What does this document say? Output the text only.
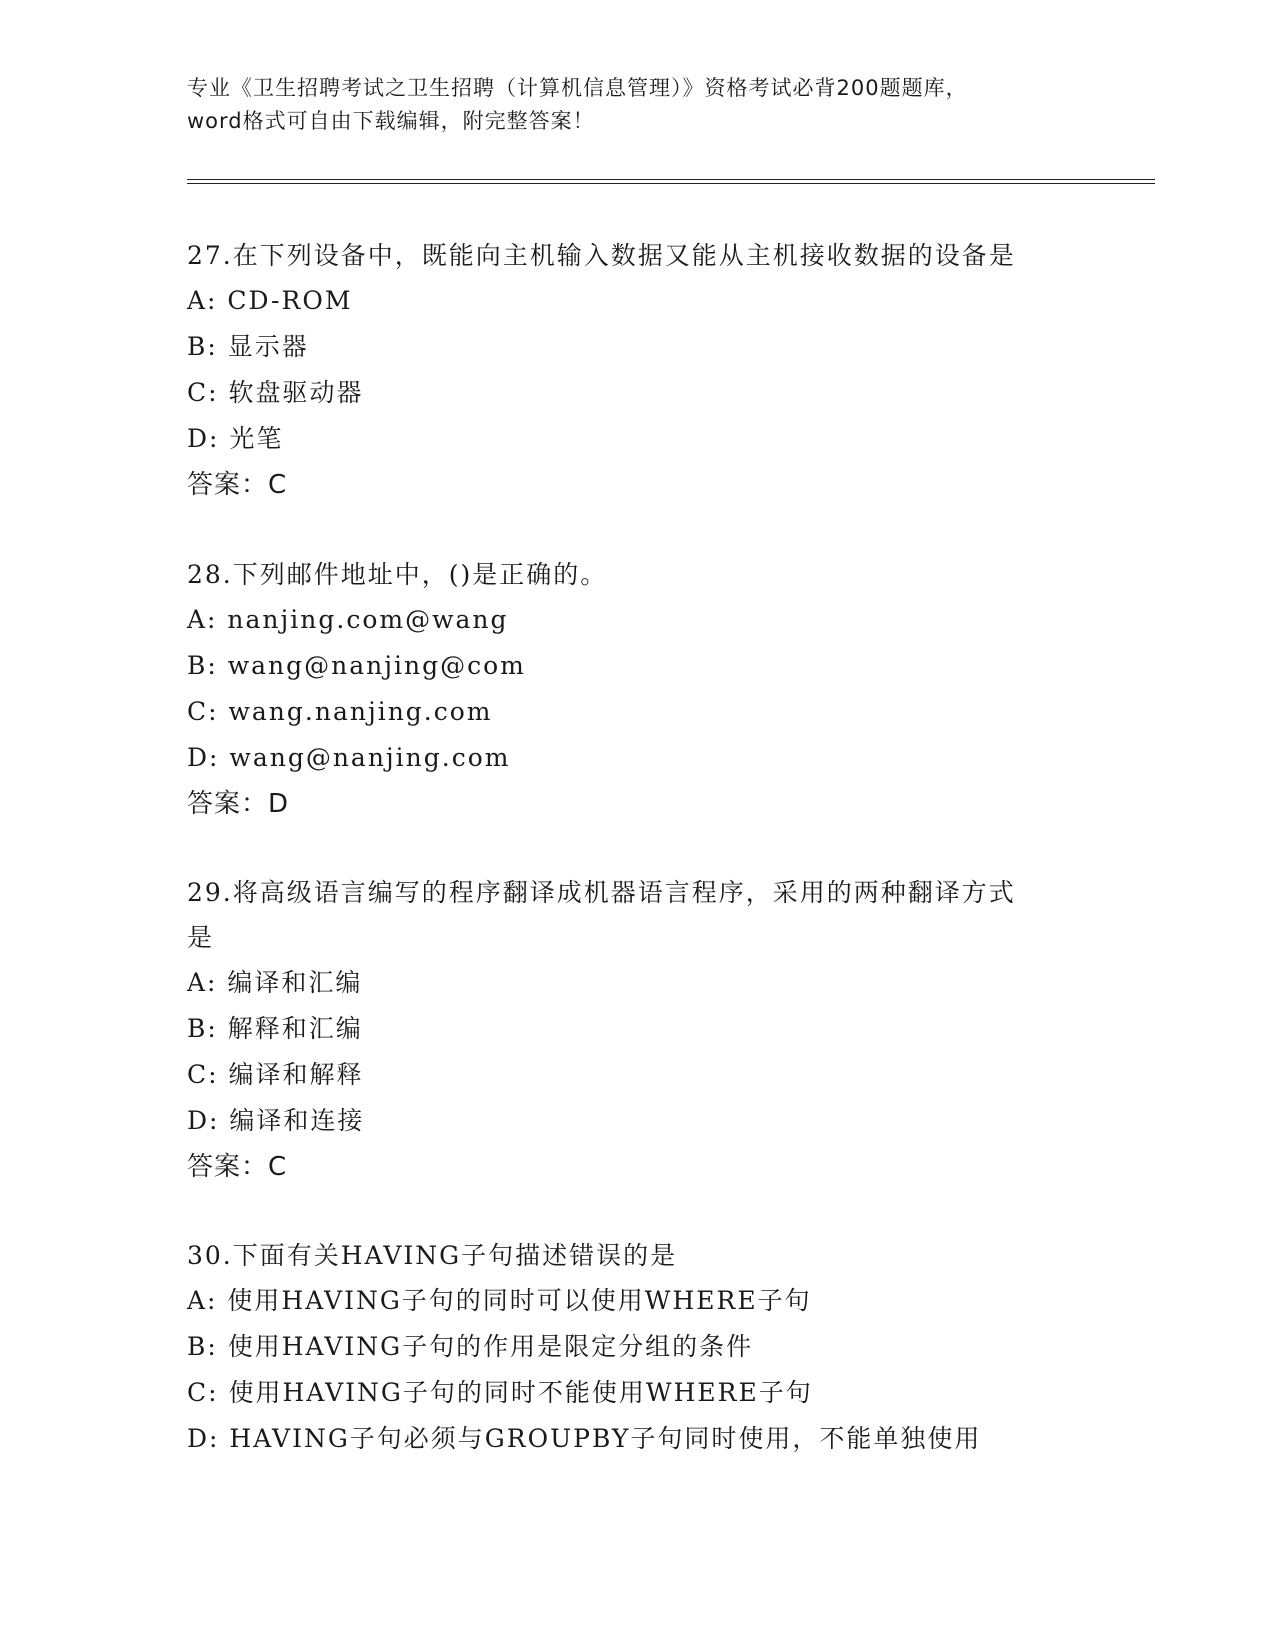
专业《卫生招聘考试之卫生招聘（计算机信息管理）》资格考试必背200题题库，
word格式可自由下载编辑，附完整答案！
27.在下列设备中，既能向主机输入数据又能从主机接收数据的设备是
A: CD-ROM
B: 显示器
C: 软盘驱动器
D: 光笔
答案：C
28.下列邮件地址中，()是正确的。
A: nanjing.com@wang
B: wang@nanjing@com
C: wang.nanjing.com
D: wang@nanjing.com
答案：D
29.将高级语言编写的程序翻译成机器语言程序，采用的两种翻译方式
是
A: 编译和汇编
B: 解释和汇编
C: 编译和解释
D: 编译和连接
答案：C
30.下面有关HAVING子句描述错误的是
A: 使用HAVING子句的同时可以使用WHERE子句
B: 使用HAVING子句的作用是限定分组的条件
C: 使用HAVING子句的同时不能使用WHERE子句
D: HAVING子句必须与GROUPBY子句同时使用，不能单独使用
